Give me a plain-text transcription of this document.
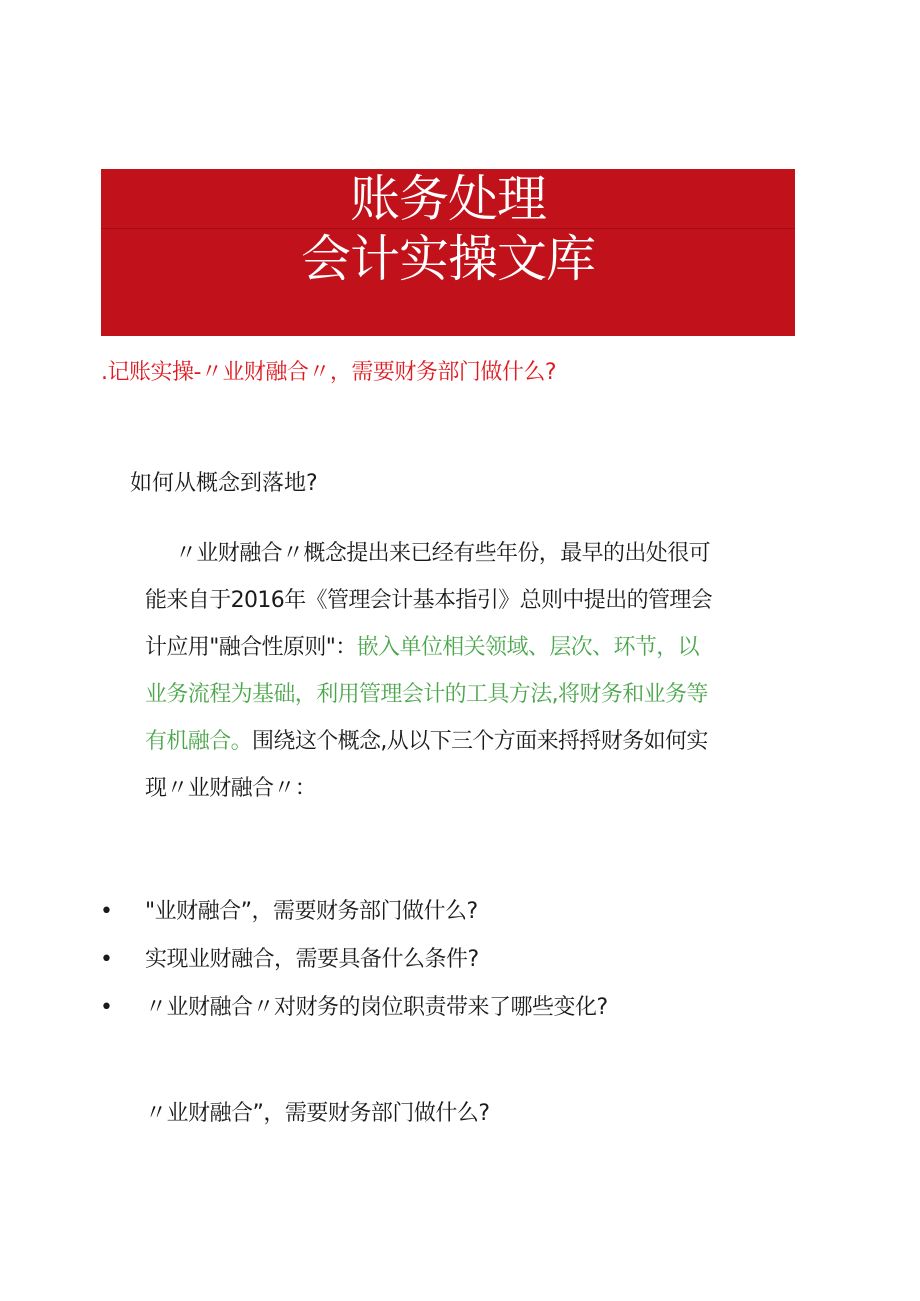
账务处理
会计实操文库
.记账实操-〃业财融合〃，需要财务部门做什么?
如何从概念到落地?
〃业财融合〃概念提出来已经有些年份，最早的出处很可
能来自于2016年《管理会计基本指引》总则中提出的管理会
计应用"融合性原则"：嵌入单位相关领域、层次、环节，以
业务流程为基础，利用管理会计的工具方法,将财务和业务等
有机融合。围绕这个概念,从以下三个方面来捋捋财务如何实
现〃业财融合〃：
•	"业财融合”，需要财务部门做什么?
•	实现业财融合，需要具备什么条件?
•	〃业财融合〃对财务的岗位职责带来了哪些变化?
〃业财融合”，需要财务部门做什么?
